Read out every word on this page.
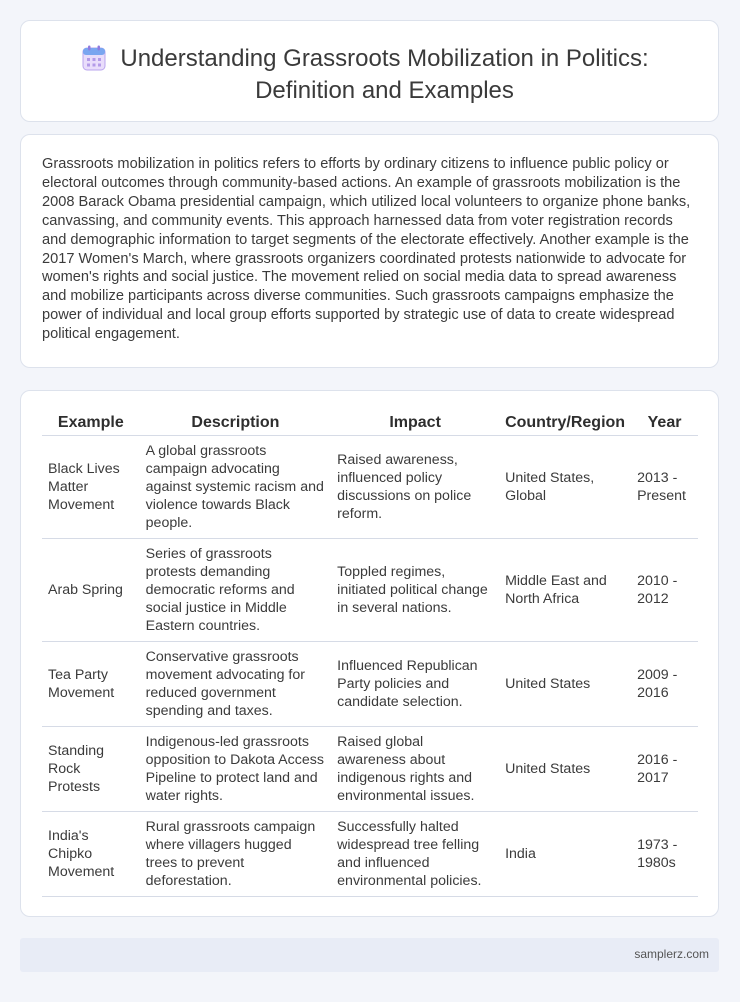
Understanding Grassroots Mobilization in Politics: Definition and Examples

Grassroots mobilization in politics refers to efforts by ordinary citizens to influence public policy or electoral outcomes through community-based actions. An example of grassroots mobilization is the 2008 Barack Obama presidential campaign, which utilized local volunteers to organize phone banks, canvassing, and community events. This approach harnessed data from voter registration records and demographic information to target segments of the electorate effectively. Another example is the 2017 Women's March, where grassroots organizers coordinated protests nationwide to advocate for women's rights and social justice. The movement relied on social media data to spread awareness and mobilize participants across diverse communities. Such grassroots campaigns emphasize the power of individual and local group efforts supported by strategic use of data to create widespread political engagement.

Example	Description	Impact	Country/Region	Year
Black Lives Matter Movement	A global grassroots campaign advocating against systemic racism and violence towards Black people.	Raised awareness, influenced policy discussions on police reform.	United States, Global	2013 - Present
Arab Spring	Series of grassroots protests demanding democratic reforms and social justice in Middle Eastern countries.	Toppled regimes, initiated political change in several nations.	Middle East and North Africa	2010 - 2012
Tea Party Movement	Conservative grassroots movement advocating for reduced government spending and taxes.	Influenced Republican Party policies and candidate selection.	United States	2009 - 2016
Standing Rock Protests	Indigenous-led grassroots opposition to Dakota Access Pipeline to protect land and water rights.	Raised global awareness about indigenous rights and environmental issues.	United States	2016 - 2017
India's Chipko Movement	Rural grassroots campaign where villagers hugged trees to prevent deforestation.	Successfully halted widespread tree felling and influenced environmental policies.	India	1973 - 1980s
samplerz.com
